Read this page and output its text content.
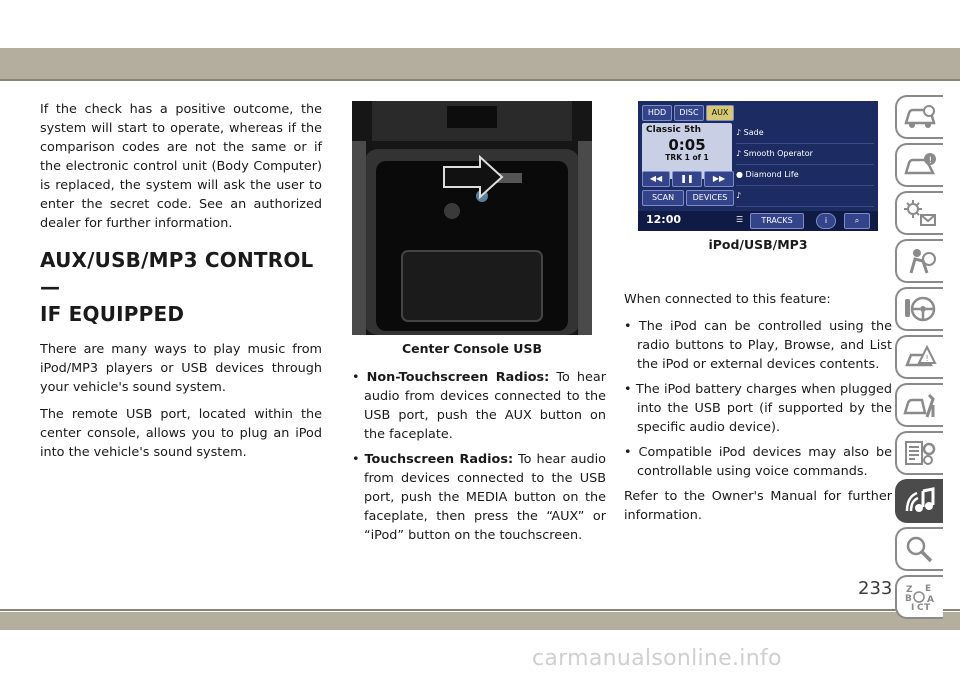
If the check has a positive outcome, the system will start to operate, whereas if the comparison codes are not the same or if the electronic control unit (Body Computer) is replaced, the system will ask the user to enter the secret code. See an authorized dealer for further information.

AUX/USB/MP3 CONTROL —
IF EQUIPPED

There are many ways to play music from iPod/MP3 players or USB devices through your vehicle's sound system.

The remote USB port, located within the center console, allows you to plug an iPod into the vehicle's sound system.

Center Console USB

• Non-Touchscreen Radios: To hear audio from devices connected to the USB port, push the AUX button on the faceplate.

• Touchscreen Radios: To hear audio from devices connected to the USB port, push the MEDIA button on the faceplate, then press the “AUX” or “iPod” button on the touchscreen.

HDD	DISC	AUX
Classic 5th
0:05
TRK 1 of 1
◀◀	❚❚	▶▶
SCAN	DEVICES
♪ Sade
♪ Smooth Operator
● Diamond Life
♪
12:00	☰	TRACKS	i	⌕
iPod/USB/MP3

When connected to this feature:

• The iPod can be controlled using the radio buttons to Play, Browse, and List the iPod or external devices contents.

• The iPod battery charges when plugged into the USB port (if supported by the specific audio device).

• Compatible iPod devices may also be controllable using voice commands.

Refer to the Owner's Manual for further information.

!
!
Z E
B A
I C T
233
carmanualsonline.info
